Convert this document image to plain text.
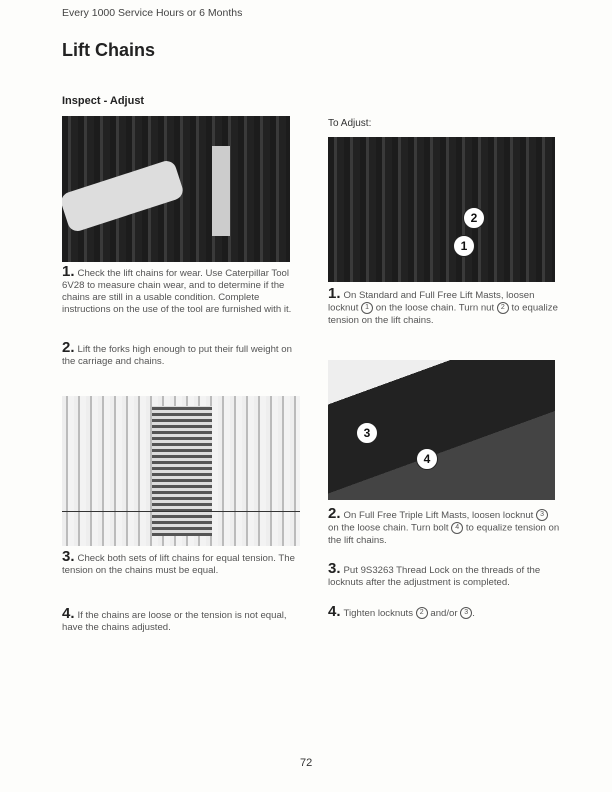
Every 1000 Service Hours or 6 Months
Lift Chains
Inspect - Adjust
To Adjust:
2
1
3
4
1. Check the lift chains for wear. Use Caterpillar Tool 6V28 to measure chain wear, and to determine if the chains are still in a usable condition. Complete instructions on the use of the tool are furnished with it.
2. Lift the forks high enough to put their full weight on the carriage and chains.
3. Check both sets of lift chains for equal tension. The tension on the chains must be equal.
4. If the chains are loose or the tension is not equal, have the chains adjusted.
1. On Standard and Full Free Lift Masts, loosen locknut 1 on the loose chain. Turn nut 2 to equalize tension on the lift chains.
2. On Full Free Triple Lift Masts, loosen locknut 3 on the loose chain. Turn bolt 4 to equalize tension on the lift chains.
3. Put 9S3263 Thread Lock on the threads of the locknuts after the adjustment is completed.
4. Tighten locknuts 2 and/or 3 .
72
